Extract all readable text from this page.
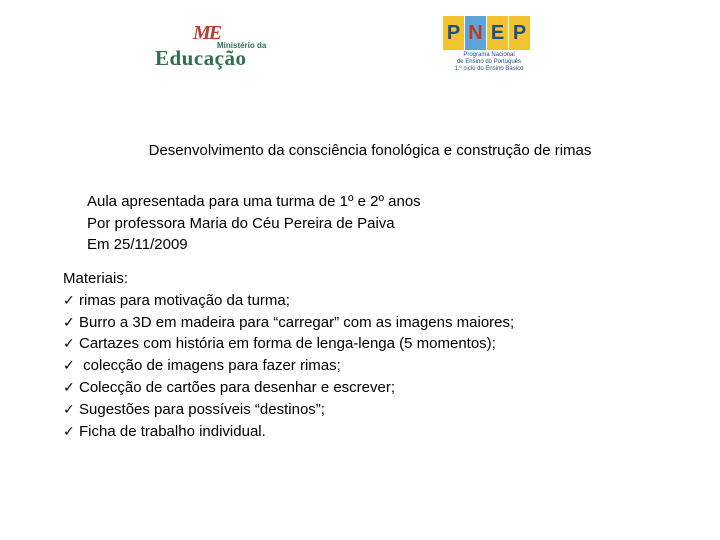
ME
Ministério da
Educação
P N E P
Programa Nacional
de Ensino do Português
1.º ciclo do Ensino Básico
Desenvolvimento da consciência fonológica e construção de rimas
Aula apresentada para uma turma de 1º e 2º anos
Por professora Maria do Céu Pereira de Paiva
Em 25/11/2009
Materiais:
✓ rimas para motivação da turma;
✓ Burro a 3D em madeira para “carregar” com as imagens maiores;
✓ Cartazes com história em forma de lenga-lenga (5 momentos);
✓ colecção de imagens para fazer rimas;
✓ Colecção de cartões para desenhar e escrever;
✓ Sugestões para possíveis “destinos”;
✓ Ficha de trabalho individual.
